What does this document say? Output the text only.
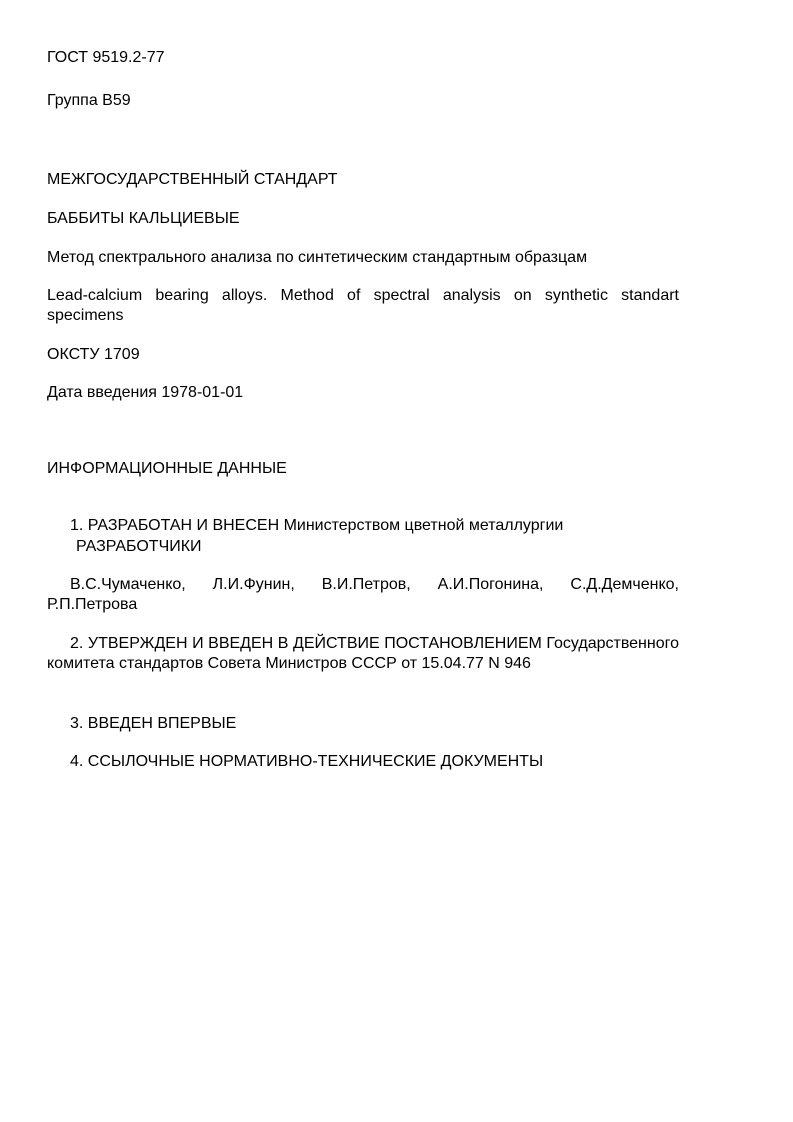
ГОСТ 9519.2-77
Группа В59
МЕЖГОСУДАРСТВЕННЫЙ СТАНДАРТ
БАББИТЫ КАЛЬЦИЕВЫЕ
Метод спектрального анализа по синтетическим стандартным образцам
Lead-calcium bearing alloys. Method of spectral analysis on synthetic standart specimens
ОКСТУ 1709
Дата введения 1978-01-01
ИНФОРМАЦИОННЫЕ ДАННЫЕ
1. РАЗРАБОТАН И ВНЕСЕН Министерством цветной металлургии
РАЗРАБОТЧИКИ
В.С.Чумаченко, Л.И.Фунин, В.И.Петров, А.И.Погонина, С.Д.Демченко, Р.П.Петрова
2. УТВЕРЖДЕН И ВВЕДЕН В ДЕЙСТВИЕ ПОСТАНОВЛЕНИЕМ Государственного комитета стандартов Совета Министров СССР от 15.04.77 N 946
3. ВВЕДЕН ВПЕРВЫЕ
4. ССЫЛОЧНЫЕ НОРМАТИВНО-ТЕХНИЧЕСКИЕ ДОКУМЕНТЫ
